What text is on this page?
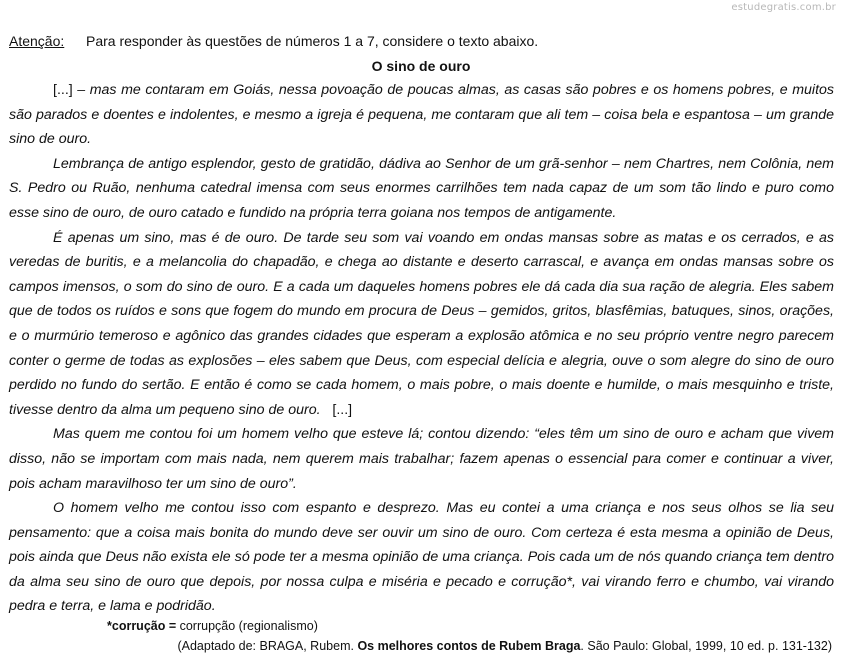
estudegratis.com.br
Atenção: Para responder às questões de números 1 a 7, considere o texto abaixo.
O sino de ouro

[...] – mas me contaram em Goiás, nessa povoação de poucas almas, as casas são pobres e os homens pobres, e muitos são parados e doentes e indolentes, e mesmo a igreja é pequena, me contaram que ali tem – coisa bela e espantosa – um grande sino de ouro.

Lembrança de antigo esplendor, gesto de gratidão, dádiva ao Senhor de um grã-senhor – nem Chartres, nem Colônia, nem S. Pedro ou Ruão, nenhuma catedral imensa com seus enormes carrilhões tem nada capaz de um som tão lindo e puro como esse sino de ouro, de ouro catado e fundido na própria terra goiana nos tempos de antigamente.

É apenas um sino, mas é de ouro. De tarde seu som vai voando em ondas mansas sobre as matas e os cerrados, e as veredas de buritis, e a melancolia do chapadão, e chega ao distante e deserto carrascal, e avança em ondas mansas sobre os campos imensos, o som do sino de ouro. E a cada um daqueles homens pobres ele dá cada dia sua ração de alegria. Eles sabem que de todos os ruídos e sons que fogem do mundo em procura de Deus – gemidos, gritos, blasfêmias, batuques, sinos, orações, e o murmúrio temeroso e agônico das grandes cidades que esperam a explosão atômica e no seu próprio ventre negro parecem conter o germe de todas as explosões – eles sabem que Deus, com especial delícia e alegria, ouve o som alegre do sino de ouro perdido no fundo do sertão. E então é como se cada homem, o mais pobre, o mais doente e humilde, o mais mesquinho e triste, tivesse dentro da alma um pequeno sino de ouro.   [...]

Mas quem me contou foi um homem velho que esteve lá; contou dizendo: “eles têm um sino de ouro e acham que vivem disso, não se importam com mais nada, nem querem mais trabalhar; fazem apenas o essencial para comer e continuar a viver, pois acham maravilhoso ter um sino de ouro”.

O homem velho me contou isso com espanto e desprezo. Mas eu contei a uma criança e nos seus olhos se lia seu pensamento: que a coisa mais bonita do mundo deve ser ouvir um sino de ouro. Com certeza é esta mesma a opinião de Deus, pois ainda que Deus não exista ele só pode ter a mesma opinião de uma criança. Pois cada um de nós quando criança tem dentro da alma seu sino de ouro que depois, por nossa culpa e miséria e pecado e corrução*, vai virando ferro e chumbo, vai virando pedra e terra, e lama e podridão.

*corrução = corrupção (regionalismo)
(Adaptado de: BRAGA, Rubem. Os melhores contos de Rubem Braga. São Paulo: Global, 1999, 10 ed. p. 131-132)
